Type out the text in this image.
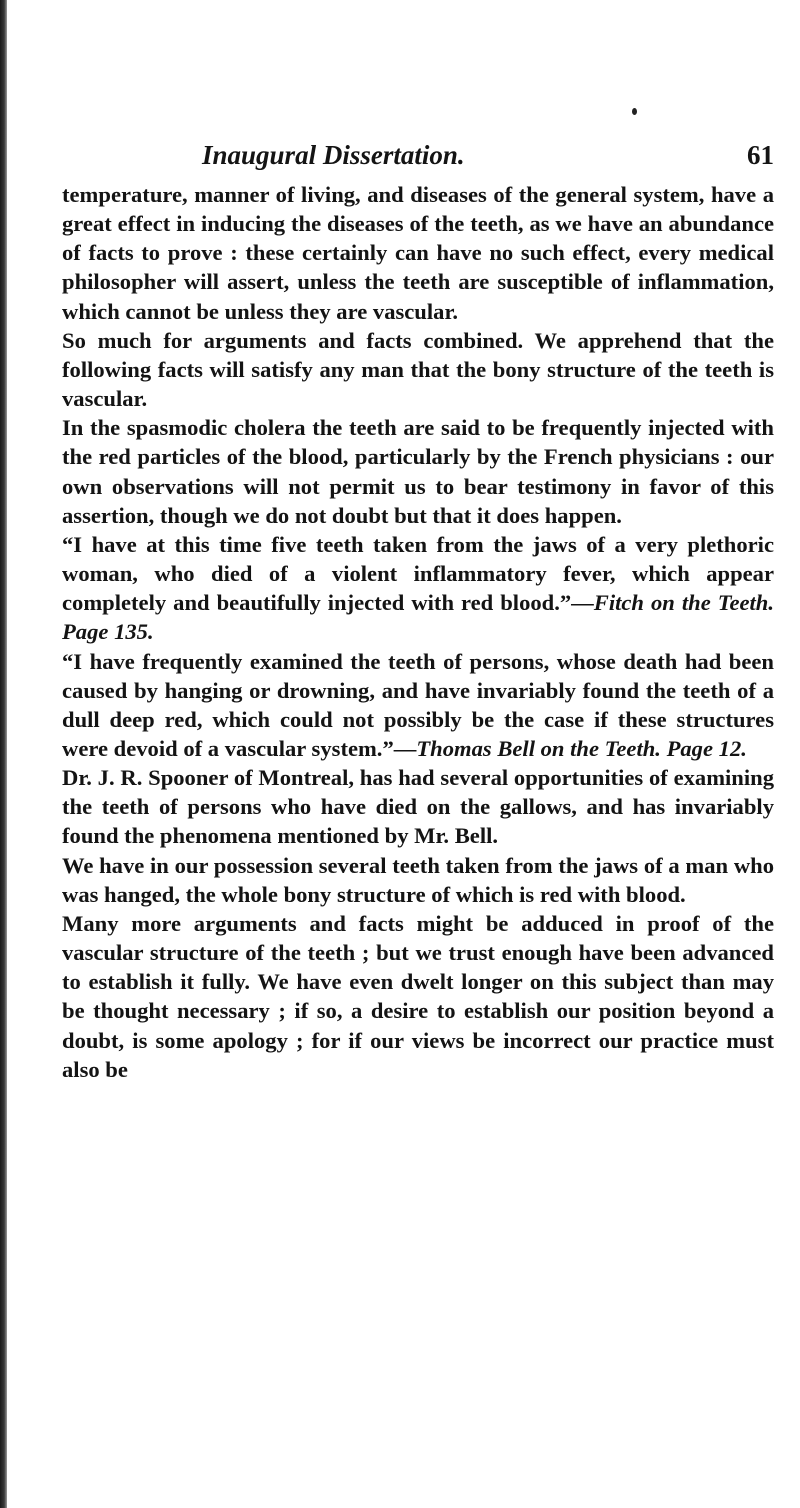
Inaugural Dissertation.	61

temperature, manner of living, and diseases of the general system, have a great effect in inducing the diseases of the teeth, as we have an abundance of facts to prove : these certainly can have no such effect, every medical philosopher will assert, unless the teeth are susceptible of inflammation, which cannot be unless they are vascular.

So much for arguments and facts combined. We apprehend that the following facts will satisfy any man that the bony structure of the teeth is vascular.

In the spasmodic cholera the teeth are said to be frequently injected with the red particles of the blood, particularly by the French physicians : our own observations will not permit us to bear testimony in favor of this assertion, though we do not doubt but that it does happen.

“I have at this time five teeth taken from the jaws of a very plethoric woman, who died of a violent inflammatory fever, which appear completely and beautifully injected with red blood.”—Fitch on the Teeth. Page 135.

“I have frequently examined the teeth of persons, whose death had been caused by hanging or drowning, and have invariably found the teeth of a dull deep red, which could not possibly be the case if these structures were devoid of a vascular system.”—Thomas Bell on the Teeth. Page 12.

Dr. J. R. Spooner of Montreal, has had several opportunities of examining the teeth of persons who have died on the gallows, and has invariably found the phenomena mentioned by Mr. Bell.

We have in our possession several teeth taken from the jaws of a man who was hanged, the whole bony structure of which is red with blood.

Many more arguments and facts might be adduced in proof of the vascular structure of the teeth ; but we trust enough have been advanced to establish it fully. We have even dwelt longer on this subject than may be thought necessary ; if so, a desire to establish our position beyond a doubt, is some apology ; for if our views be incorrect our practice must also be
